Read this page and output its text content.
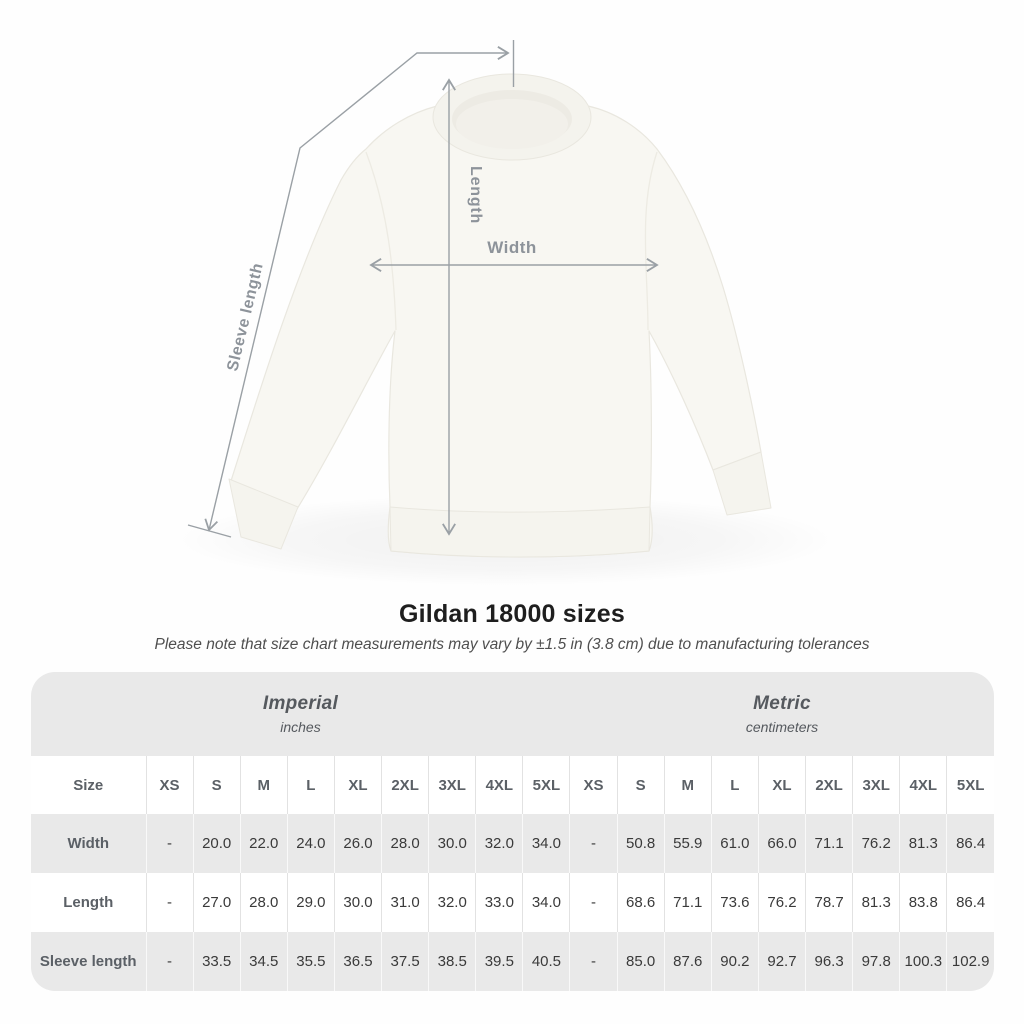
Width
Length
Sleeve length
Gildan 18000 sizes
Please note that size chart measurements may vary by ±1.5 in (3.8 cm) due to manufacturing tolerances
Imperial
inches

Metric
centimeters

Size	XS	S	M	L	XL	2XL	3XL	4XL	5XL	XS	S	M	L	XL	2XL	3XL	4XL	5XL
Width	-	20.0	22.0	24.0	26.0	28.0	30.0	32.0	34.0	-	50.8	55.9	61.0	66.0	71.1	76.2	81.3	86.4
Length	-	27.0	28.0	29.0	30.0	31.0	32.0	33.0	34.0	-	68.6	71.1	73.6	76.2	78.7	81.3	83.8	86.4
Sleeve length	-	33.5	34.5	35.5	36.5	37.5	38.5	39.5	40.5	-	85.0	87.6	90.2	92.7	96.3	97.8	100.3	102.9
